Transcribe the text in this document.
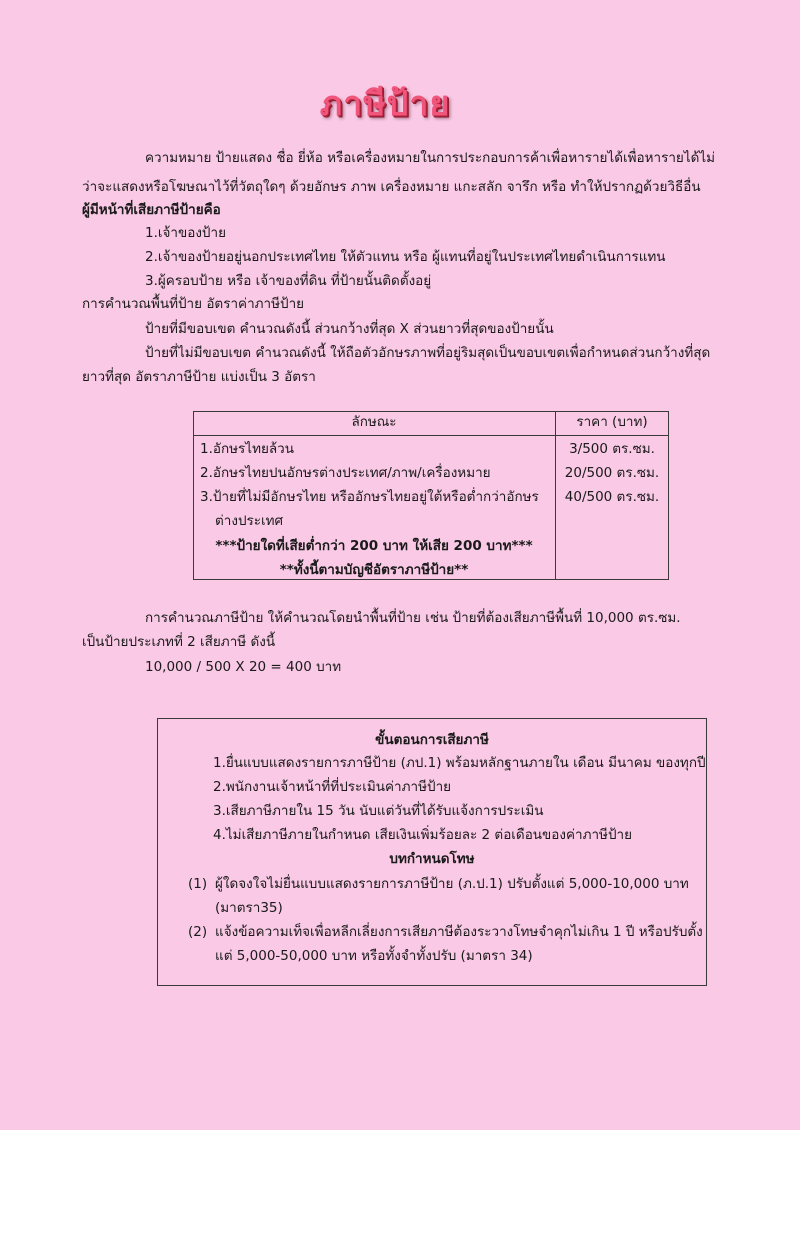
ภาษีป้าย
ความหมาย ป้ายแสดง ชื่อ ยี่ห้อ หรือเครื่องหมายในการประกอบการค้าเพื่อหารายได้เพื่อหารายได้ไม่
ว่าจะแสดงหรือโฆษณาไว้ที่วัตถุใดๆ ด้วยอักษร ภาพ เครื่องหมาย แกะสลัก จารึก หรือ ทำให้ปรากฏด้วยวิธีอื่น
ผู้มีหน้าที่เสียภาษีป้ายคือ
1.เจ้าของป้าย
2.เจ้าของป้ายอยู่นอกประเทศไทย ให้ตัวแทน หรือ ผู้แทนที่อยู่ในประเทศไทยดำเนินการแทน
3.ผู้ครอบป้าย หรือ เจ้าของที่ดิน ที่ป้ายนั้นติดตั้งอยู่
การคำนวณพื้นที่ป้าย อัตราค่าภาษีป้าย
ป้ายที่มีขอบเขต คำนวณดังนี้ ส่วนกว้างที่สุด X ส่วนยาวที่สุดของป้ายนั้น
ป้ายที่ไม่มีขอบเขต คำนวณดังนี้ ให้ถือตัวอักษรภาพที่อยู่ริมสุดเป็นขอบเขตเพื่อกำหนดส่วนกว้างที่สุด
ยาวที่สุด อัตราภาษีป้าย แบ่งเป็น 3 อัตรา
ลักษณะ	ราคา (บาท)
1.อักษรไทยล้วน	3/500 ตร.ซม.
2.อักษรไทยปนอักษรต่างประเทศ/ภาพ/เครื่องหมาย	20/500 ตร.ซม.
3.ป้ายที่ไม่มีอักษรไทย หรืออักษรไทยอยู่ใต้หรือต่ำกว่าอักษร	40/500 ตร.ซม.
ต่างประเทศ
***ป้ายใดที่เสียต่ำกว่า 200 บาท ให้เสีย 200 บาท***
**ทั้งนี้ตามบัญชีอัตราภาษีป้าย**
การคำนวณภาษีป้าย ให้คำนวณโดยนำพื้นที่ป้าย เช่น ป้ายที่ต้องเสียภาษีพื้นที่ 10,000 ตร.ซม.
เป็นป้ายประเภทที่ 2 เสียภาษี ดังนี้
10,000 / 500 X 20 = 400 บาท
ขั้นตอนการเสียภาษี
1.ยื่นแบบแสดงรายการภาษีป้าย (ภป.1) พร้อมหลักฐานภายใน เดือน มีนาคม ของทุกปี
2.พนักงานเจ้าหน้าที่ที่ประเมินค่าภาษีป้าย
3.เสียภาษีภายใน 15 วัน นับแต่วันที่ได้รับแจ้งการประเมิน
4.ไม่เสียภาษีภายในกำหนด เสียเงินเพิ่มร้อยละ 2 ต่อเดือนของค่าภาษีป้าย
บทกำหนดโทษ
(1) ผู้ใดจงใจไม่ยื่นแบบแสดงรายการภาษีป้าย (ภ.ป.1) ปรับตั้งแต่ 5,000-10,000 บาท
(มาตรา35)
(2) แจ้งข้อความเท็จเพื่อหลีกเลี่ยงการเสียภาษีต้องระวางโทษจำคุกไม่เกิน 1 ปี หรือปรับตั้ง
แต่ 5,000-50,000 บาท หรือทั้งจำทั้งปรับ (มาตรา 34)
